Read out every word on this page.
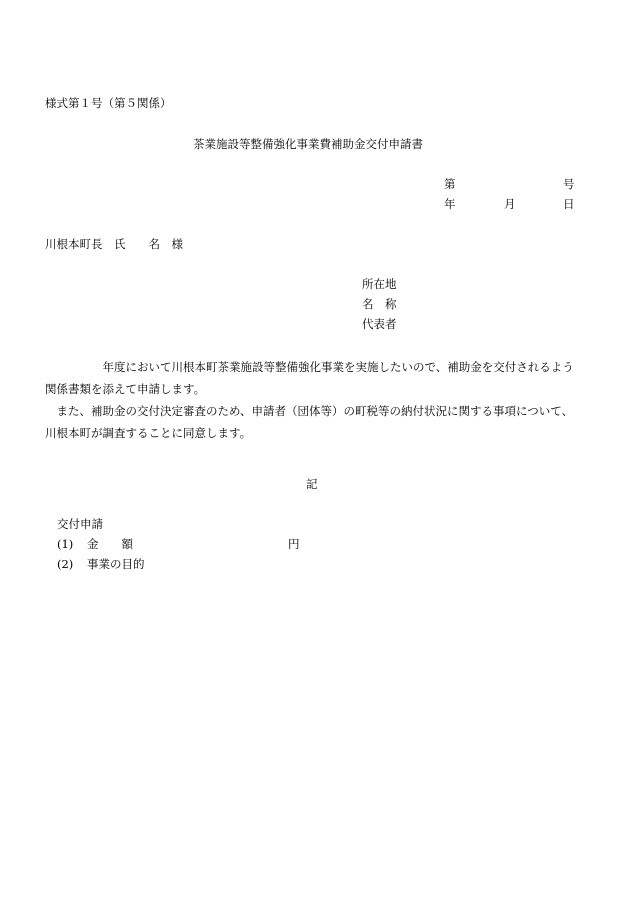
様式第１号（第５関係）
茶業施設等整備強化事業費補助金交付申請書
第	号
年	月	日
川根本町長　氏　　名　様
所在地
名　称
代表者

　　　　　年度において川根本町茶業施設等整備強化事業を実施したいので、補助金を交付されるよう関係書類を添えて申請します。

　また、補助金の交付決定審査のため、申請者（団体等）の町税等の納付状況に関する事項について、川根本町が調査することに同意します。

記
交付申請
(1) 金　　額	円
(2) 事業の目的
